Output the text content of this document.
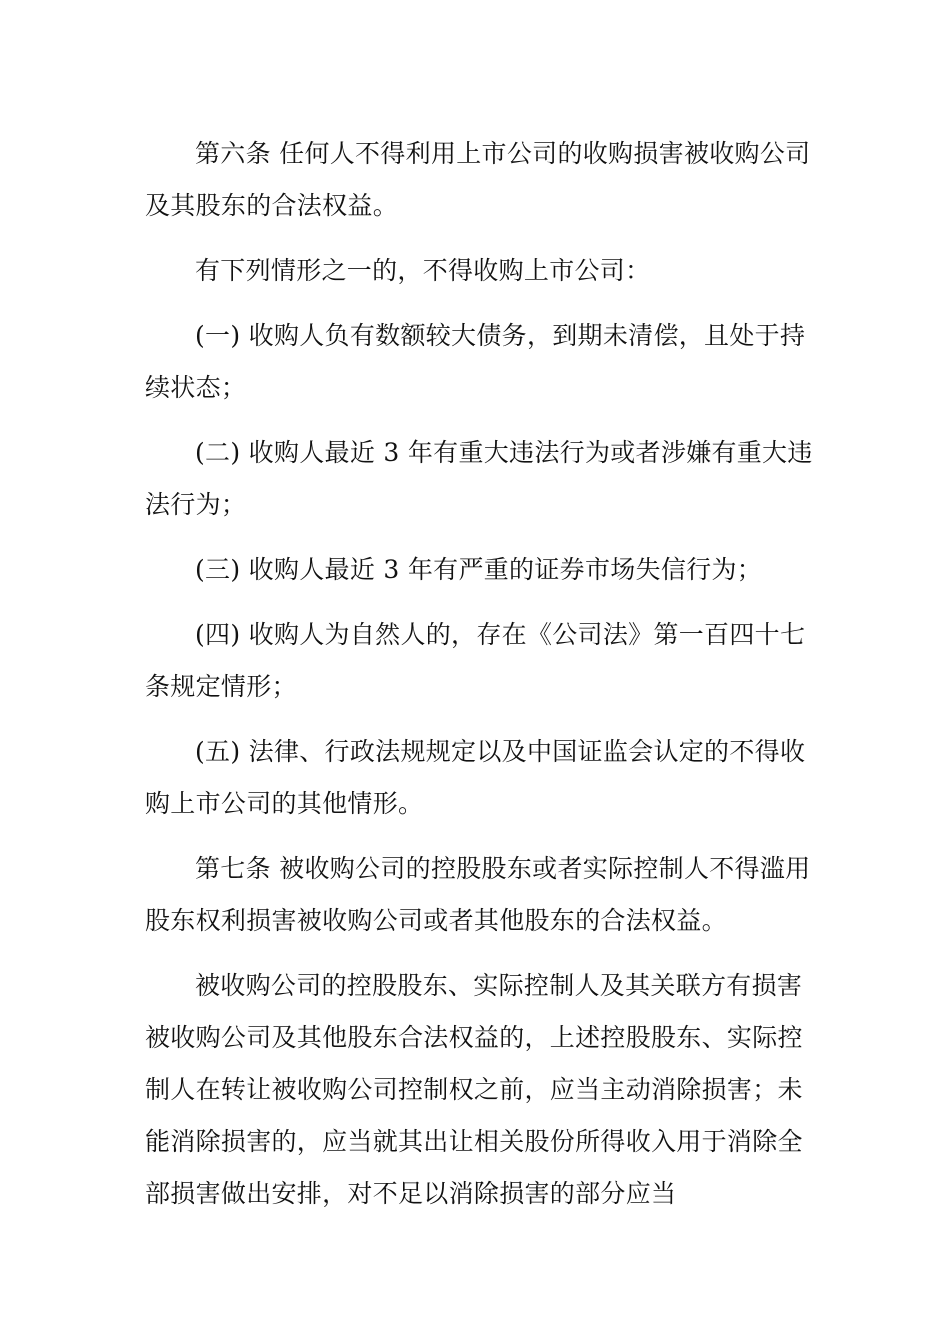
第六条 任何人不得利用上市公司的收购损害被收购公司及其股东的合法权益。

有下列情形之一的，不得收购上市公司：

(一) 收购人负有数额较大债务，到期未清偿，且处于持续状态；

(二) 收购人最近 3 年有重大违法行为或者涉嫌有重大违法行为；

(三) 收购人最近 3 年有严重的证券市场失信行为；

(四) 收购人为自然人的，存在《公司法》第一百四十七条规定情形；

(五) 法律、行政法规规定以及中国证监会认定的不得收购上市公司的其他情形。

第七条 被收购公司的控股股东或者实际控制人不得滥用股东权利损害被收购公司或者其他股东的合法权益。

被收购公司的控股股东、实际控制人及其关联方有损害被收购公司及其他股东合法权益的，上述控股股东、实际控制人在转让被收购公司控制权之前，应当主动消除损害；未能消除损害的，应当就其出让相关股份所得收入用于消除全部损害做出安排，对不足以消除损害的部分应当
